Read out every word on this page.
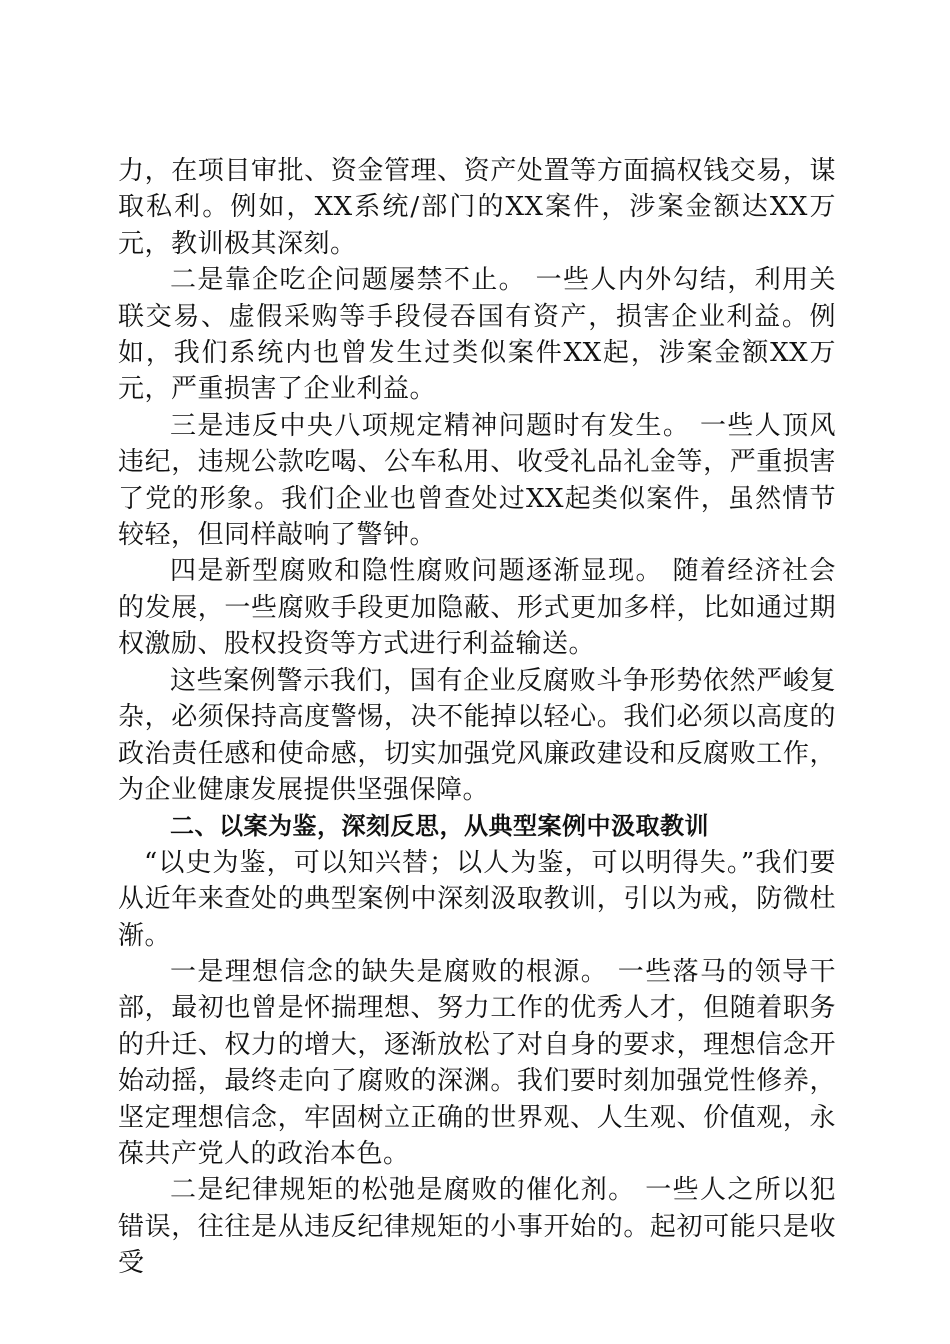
力，在项目审批、资金管理、资产处置等方面搞权钱交易，谋取私利。例如，XX系统/部门的XX案件，涉案金额达XX万元，教训极其深刻。

二是靠企吃企问题屡禁不止。 一些人内外勾结，利用关联交易、虚假采购等手段侵吞国有资产，损害企业利益。例如，我们系统内也曾发生过类似案件XX起，涉案金额XX万元，严重损害了企业利益。

三是违反中央八项规定精神问题时有发生。 一些人顶风违纪，违规公款吃喝、公车私用、收受礼品礼金等，严重损害了党的形象。我们企业也曾查处过XX起类似案件，虽然情节较轻，但同样敲响了警钟。

四是新型腐败和隐性腐败问题逐渐显现。 随着经济社会的发展，一些腐败手段更加隐蔽、形式更加多样，比如通过期权激励、股权投资等方式进行利益输送。

这些案例警示我们，国有企业反腐败斗争形势依然严峻复杂，必须保持高度警惕，决不能掉以轻心。我们必须以高度的政治责任感和使命感，切实加强党风廉政建设和反腐败工作，为企业健康发展提供坚强保障。

二、以案为鉴，深刻反思，从典型案例中汲取教训

“以史为鉴，可以知兴替；以人为鉴，可以明得失。”我们要从近年来查处的典型案例中深刻汲取教训，引以为戒，防微杜渐。

一是理想信念的缺失是腐败的根源。 一些落马的领导干部，最初也曾是怀揣理想、努力工作的优秀人才，但随着职务的升迁、权力的增大，逐渐放松了对自身的要求，理想信念开始动摇，最终走向了腐败的深渊。我们要时刻加强党性修养，坚定理想信念，牢固树立正确的世界观、人生观、价值观，永葆共产党人的政治本色。

二是纪律规矩的松弛是腐败的催化剂。 一些人之所以犯错误，往往是从违反纪律规矩的小事开始的。起初可能只是收受
